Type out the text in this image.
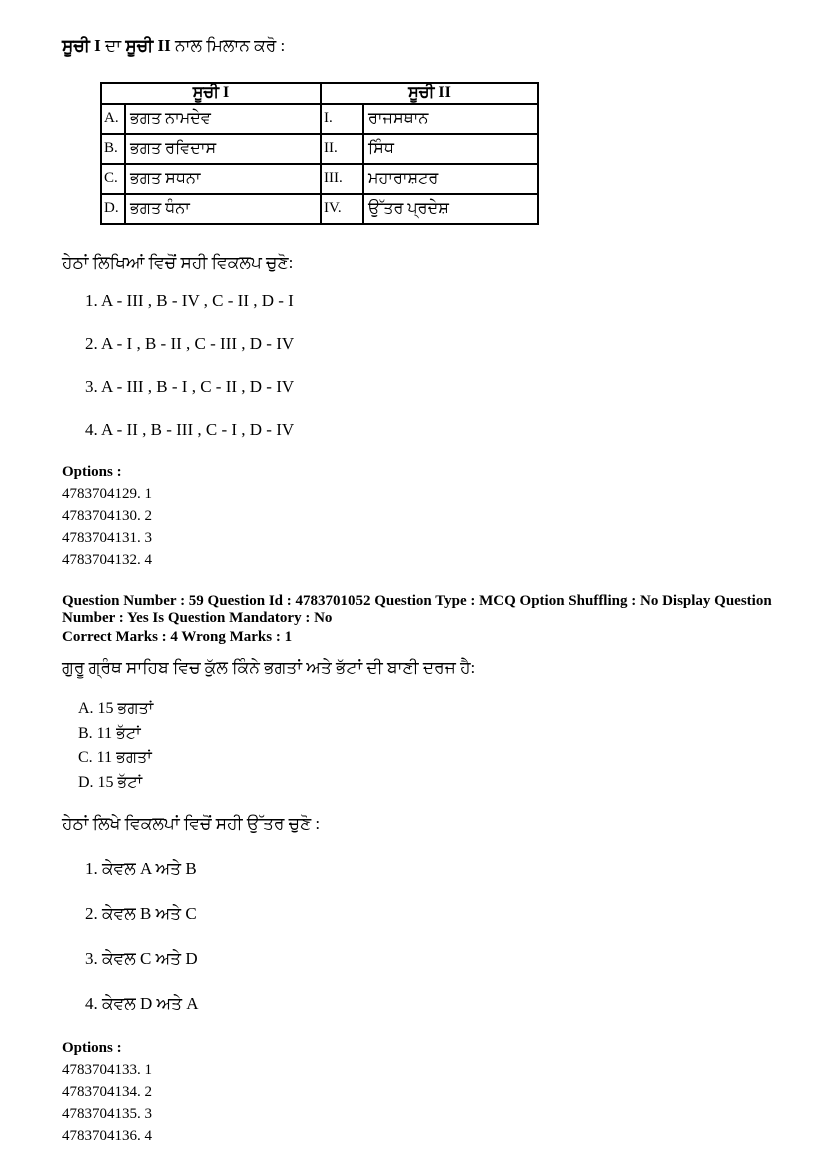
ਸੂਚੀ I ਦਾ ਸੂਚੀ II ਨਾਲ ਮਿਲਾਨ ਕਰੋ :
ਸੂਚੀ I		ਸੂਚੀ II	
A.	ਭਗਤ ਨਾਮਦੇਵ	I.	ਰਾਜਸਥਾਨ
B.	ਭਗਤ ਰਵਿਦਾਸ	II.	ਸਿੰਧ
C.	ਭਗਤ ਸਧਨਾ	III.	ਮਹਾਰਾਸ਼ਟਰ
D.	ਭਗਤ ਧੰਨਾ	IV.	ਉੱਤਰ ਪ੍ਰਦੇਸ਼
ਹੇਠਾਂ ਲਿਖਿਆਂ ਵਿਚੋਂ ਸਹੀ ਵਿਕਲਪ ਚੁਣੋ:
1. A - III , B - IV , C - II , D - I
2. A - I , B - II , C - III , D - IV
3. A - III , B - I , C - II , D - IV
4. A - II , B - III , C - I , D - IV
Options :
4783704129. 1
4783704130. 2
4783704131. 3
4783704132. 4
Question Number : 59 Question Id : 4783701052 Question Type : MCQ Option Shuffling : No Display Question Number : Yes Is Question Mandatory : No
Correct Marks : 4 Wrong Marks : 1
ਗੁਰੂ ਗ੍ਰੰਥ ਸਾਹਿਬ ਵਿਚ ਕੁੱਲ ਕਿੰਨੇ ਭਗਤਾਂ ਅਤੇ ਭੱਟਾਂ ਦੀ ਬਾਣੀ ਦਰਜ ਹੈ:
A. 15 ਭਗਤਾਂ
B. 11 ਭੱਟਾਂ
C. 11 ਭਗਤਾਂ
D. 15 ਭੱਟਾਂ
ਹੇਠਾਂ ਲਿਖੇ ਵਿਕਲਪਾਂ ਵਿਚੋਂ ਸਹੀ ਉੱਤਰ ਚੁਣੋ :
1. ਕੇਵਲ A ਅਤੇ B
2. ਕੇਵਲ B ਅਤੇ C
3. ਕੇਵਲ C ਅਤੇ D
4. ਕੇਵਲ D ਅਤੇ A
Options :
4783704133. 1
4783704134. 2
4783704135. 3
4783704136. 4
